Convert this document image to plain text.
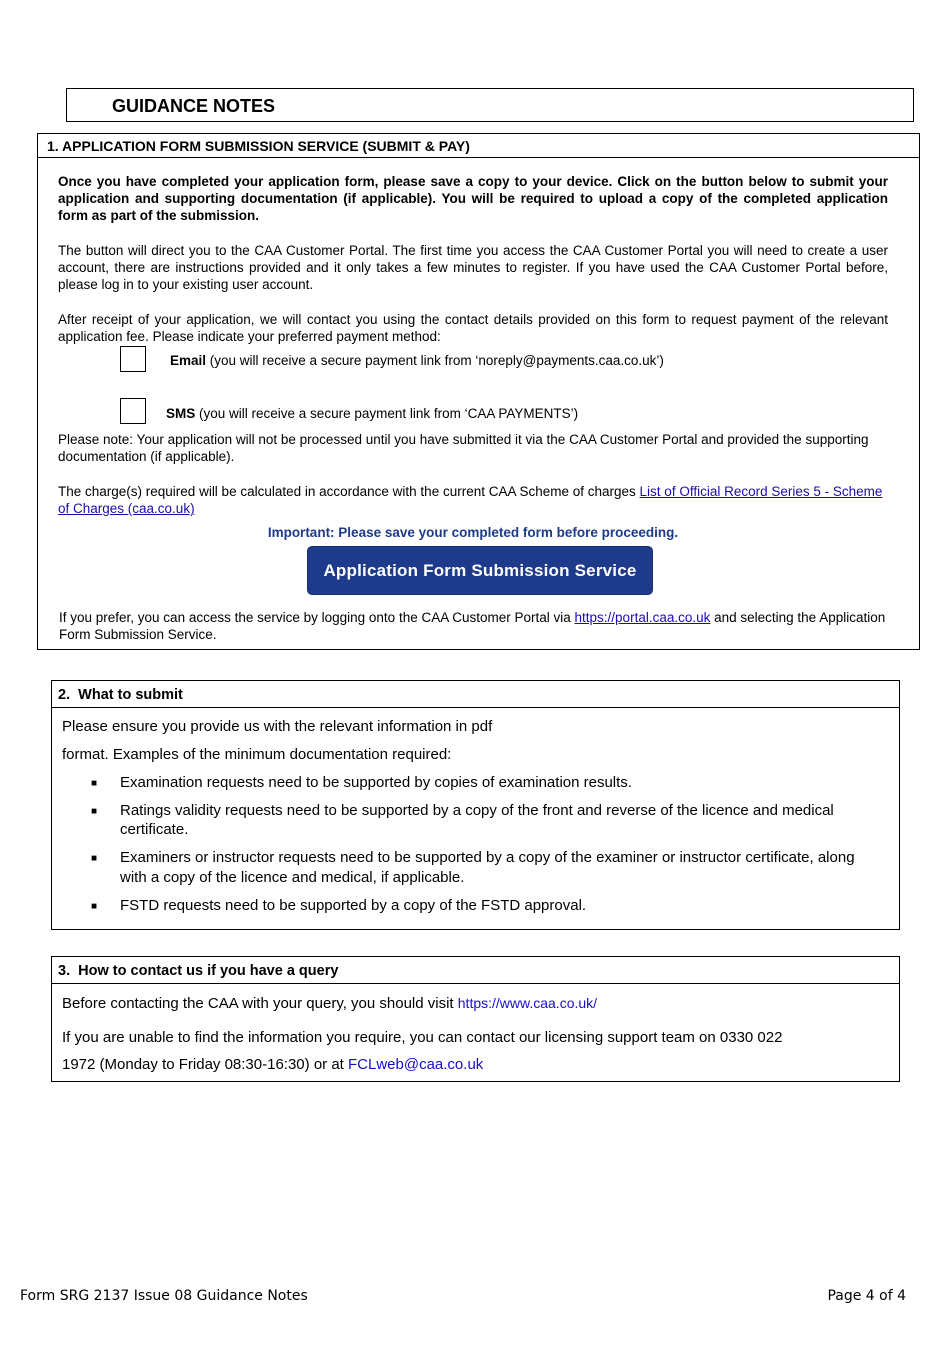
GUIDANCE NOTES
1. APPLICATION FORM SUBMISSION SERVICE (SUBMIT & PAY)
Once you have completed your application form, please save a copy to your device. Click on the button below to submit your application and supporting documentation (if applicable). You will be required to upload a copy of the completed application form as part of the submission.
The button will direct you to the CAA Customer Portal. The first time you access the CAA Customer Portal you will need to create a user account, there are instructions provided and it only takes a few minutes to register. If you have used the CAA Customer Portal before, please log in to your existing user account.
After receipt of your application, we will contact you using the contact details provided on this form to request payment of the relevant application fee. Please indicate your preferred payment method:
Email (you will receive a secure payment link from ‘noreply@payments.caa.co.uk’)
SMS (you will receive a secure payment link from ‘CAA PAYMENTS’)
Please note: Your application will not be processed until you have submitted it via the CAA Customer Portal and provided the supporting documentation (if applicable).
The charge(s) required will be calculated in accordance with the current CAA Scheme of charges List of Official Record Series 5 - Scheme of Charges (caa.co.uk)
Important: Please save your completed form before proceeding.
Application Form Submission Service
If you prefer, you can access the service by logging onto the CAA Customer Portal via https://portal.caa.co.uk and selecting the Application Form Submission Service.
2.  What to submit
Please ensure you provide us with the relevant information in pdf
format. Examples of the minimum documentation required:
■ Examination requests need to be supported by copies of examination results.
■ Ratings validity requests need to be supported by a copy of the front and reverse of the licence and medical certificate.
■ Examiners or instructor requests need to be supported by a copy of the examiner or instructor certificate, along with a copy of the licence and medical, if applicable.
■ FSTD requests need to be supported by a copy of the FSTD approval.
3.  How to contact us if you have a query
Before contacting the CAA with your query, you should visit https://www.caa.co.uk/
If you are unable to find the information you require, you can contact our licensing support team on 0330 022
1972 (Monday to Friday 08:30-16:30) or at FCLweb@caa.co.uk
Form SRG 2137 Issue 08 Guidance Notes	Page 4 of 4
